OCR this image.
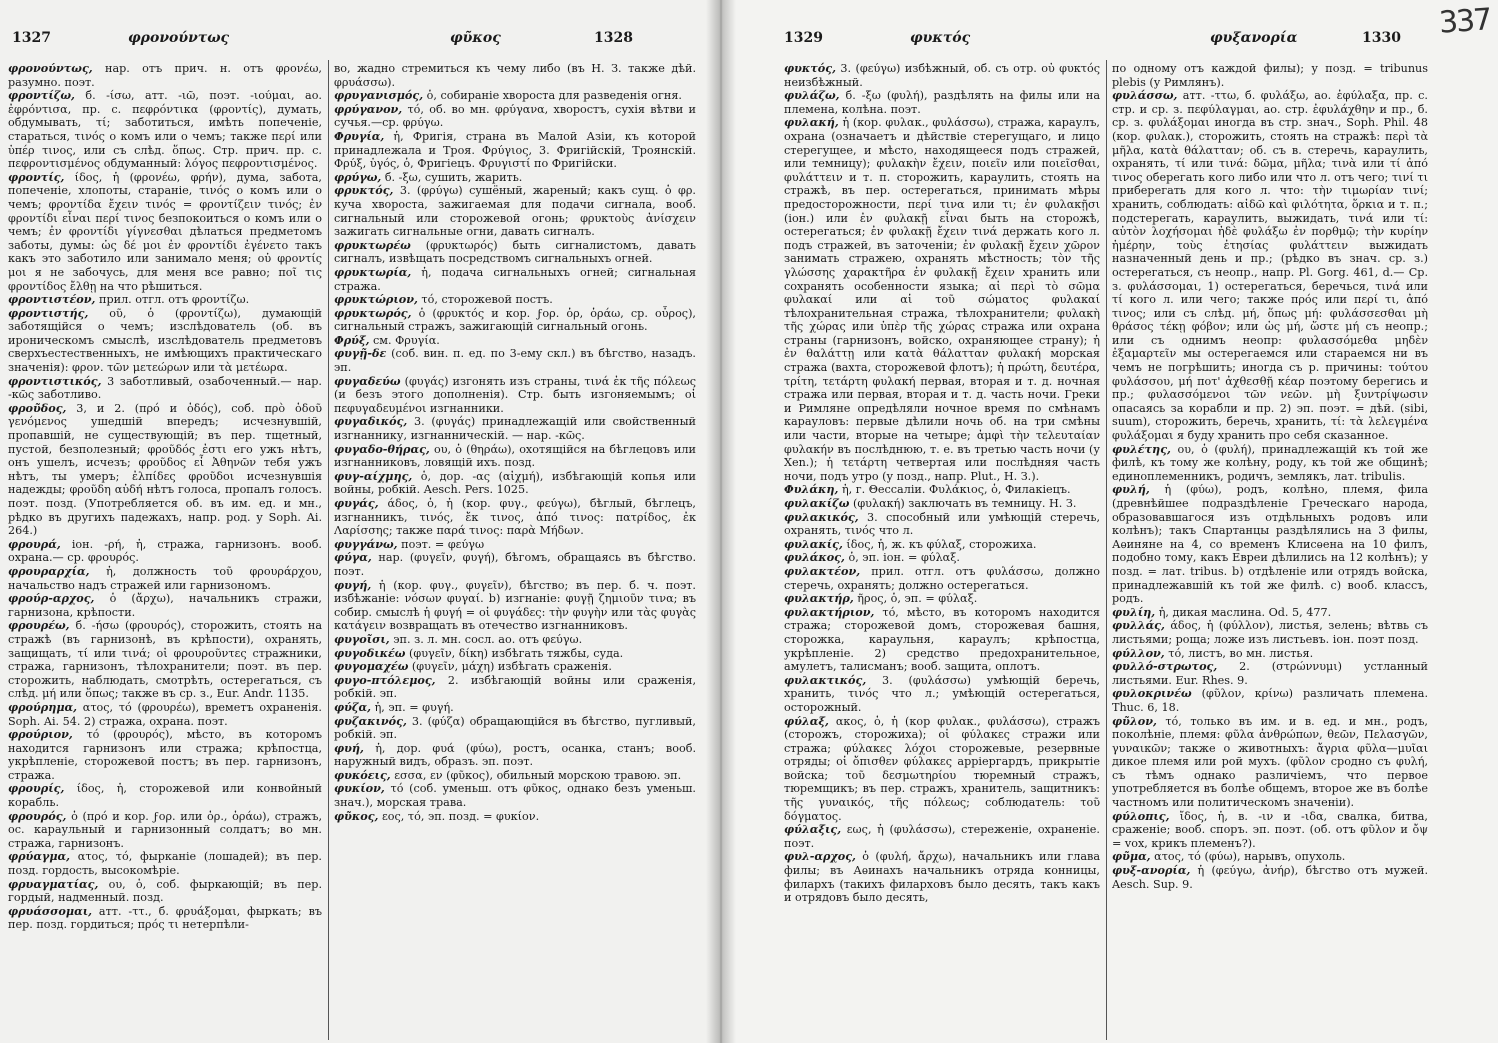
1327	φρονούντως	φῦκος	1328

φρονούντως, нар. отъ прич. н. отъ φρονέω, разумно. поэт.

φροντίζω, б. -ίσω, атт. -ιῶ, поэт. -ιούμαι, ао. ἐφρόντισα, пр. с. πεφρόντικα (φροντίς), думать, обдумывать, τί; заботиться, имѣть попеченіе, стараться, τινός о комъ или о чемъ; также περί или ὑπέρ τινος, или съ слѣд. ὅπως. Стр. прич. пр. с. πεφροντισμένος обдуманный: λόγος πεφροντισμένος.

φροντίς, ίδος, ἡ (φρονέω, φρήν), дума, забота, попеченіе, хлопоты, стараніе, τινός о комъ или о чемъ; φροντίδα ἔχειν τινός = φροντίζειν τινός; ἐν φροντίδι εἶναι περί τινος безпокоиться о комъ или о чемъ; ἐν φροντίδι γίγνεσθαι дѣлаться предметомъ заботы, думы: ὡς δέ μοι ἐν φροντίδι ἐγένετο такъ какъ это заботило или занимало меня; οὐ φροντίς μοι я не забочусь, для меня все равно; ποῖ τις φροντίδος ἔλθῃ на что рѣшиться.

φροντιστέον, прил. отгл. отъ φροντίζω.

φροντιστής, οῦ, ὁ (φροντίζω), думающій заботящійся о чемъ; изслѣдователь (об. въ ироническомъ смыслѣ, изслѣдователь предметовъ сверхъестественныхъ, не имѣющихъ практическаго значенія): φρον. τῶν μετεώρων или τὰ μετέωρα.

φροντιστικός, 3 заботливый, озабоченный.— нар. -κῶς заботливо.

φροῦδος, 3, и 2. (πρό и ὁδός), соб. πρὸ ὁδοῦ γενόμενος ушедшій впередъ; исчезнувшій, пропавшій, не существующій; въ пер. тщетный, пустой, безполезный; φροῦδός ἐστι его ужъ нѣтъ, онъ ушелъ, исчезъ; φροῦδος εἶ Ἀθηνῶν тебя ужъ нѣтъ, ты умеръ; ἐλπίδες φροῦδοι исчезнувшія надежды; φροῦδη αὐδή нѣтъ голоса, пропалъ голосъ. поэт. позд. (Употребляется об. въ им. ед. и мн., рѣдко въ другихъ падежахъ, напр. род. у Soph. Ai. 264.)

φρουρά, іон. -ρή, ἡ, стража, гарнизонъ. вооб. охрана.— ср. φρουρός.

φρουραρχία, ἡ, должность τοῦ φρουράρχου, начальство надъ стражей или гарнизономъ.

φρούρ-αρχος, ὁ (ἄρχω), начальникъ стражи, гарнизона, крѣпости.

φρουρέω, б. -ήσω (φρουρός), сторожить, стоять на стражѣ (въ гарнизонѣ, въ крѣпости), охранять, защищать, τί или τινά; οἱ φρουροῦντες стражники, стража, гарнизонъ, тѣлохранители; поэт. въ пер. сторожить, наблюдать, смотрѣть, остерегаться, съ слѣд. μή или ὅπως; также въ ср. з., Eur. Andr. 1135.

φρούρημα, ατος, τό (φρουρέω), времетъ охраненія. Soph. Ai. 54. 2) стража, охрана. поэт.

φρούριον, τό (φρουρός), мѣсто, въ которомъ находится гарнизонъ или стража; крѣпостца, укрѣпленіе, сторожевой постъ; въ пер. гарнизонъ, стража.

φρουρίς, ίδος, ἡ, сторожевой или конвойный корабль.

φρουρός, ὁ (πρό и кор. ϝορ. или ὁρ., ὁράω), стражъ, ос. караульный и гарнизонный солдатъ; во мн. стража, гарнизонъ.

φρύαγμα, ατος, τό, фырканіе (лошадей); въ пер. позд. гордость, высокомѣріе.

φρυαγματίας, ου, ὁ, соб. фыркающій; въ пер. гордый, надменный. позд.

φρυάσσομαι, атт. -ττ., б. φρυάξομαι, фыркать; въ пер. позд. гордиться; πρός τι нетерпѣли-

во, жадно стремиться къ чему либо (въ Н. З. также дѣй. φρυάσσω).

φρυγανισμός, ὁ, собираніе хвороста для разведенія огня.

φρύγανον, τό, об. во мн. φρύγανα, хворостъ, сухія вѣтви и сучья.—ср. φρύγω.

Φρυγία, ἡ, Фригія, страна въ Малой Азіи, къ которой принадлежала и Троя. Φρύγιος, 3. Фригійскій, Троянскій. Φρύξ, ὑγός, ὁ, Фригіецъ. Φρυγιστί по Фригійски.

φρύγω, б. -ξω, сушить, жарить.

φρυκτός, 3. (φρύγω) сушёный, жареный; какъ сущ. ὁ φρ. куча хвороста, зажигаемая для подачи сигнала, вооб. сигнальный или сторожевой огонь; φρυκτοὺς ἀνίσχειν зажигать сигнальные огни, давать сигналъ.

φρυκτωρέω (φρυκτωρός) быть сигналистомъ, давать сигналъ, извѣщать посредствомъ сигнальныхъ огней.

φρυκτωρία, ἡ, подача сигнальныхъ огней; сигнальная стража.

φρυκτώριον, τό, сторожевой постъ.

φρυκτωρός, ὁ (φρυκτός и кор. ϝορ. ὁρ, ὁράω, ср. οὖρος), сигнальный стражъ, зажигающій сигнальный огонь.

Φρύξ, см. Φρυγία.

φυγῇ-δε (соб. вин. п. ед. по 3-ему скл.) въ бѣгство, назадъ. эп.

φυγαδεύω (φυγάς) изгонять изъ страны, τινά ἐκ τῆς πόλεως (и безъ этого дополненія). Стр. быть изгоняемымъ; οἱ πεφυγαδευμένοι изгнанники.

φυγαδικός, 3. (φυγάς) принадлежащій или свойственный изгнаннику, изгнанническій. — нар. -κῶς.

φυγαδο-θήρας, ου, ὁ (θηράω), охотящійся на бѣглецовъ или изгнанниковъ, ловящій ихъ. позд.

φυγ-αίχμης, ὁ, дор. -ας (αἰχμή), избѣгающій копья или войны, робкій. Aesch. Pers. 1025.

φυγάς, άδος, ὁ, ἡ (кор. φυγ., φεύγω), бѣглый, бѣглецъ, изгнанникъ, τινός, ἔκ τινος, ἀπό τινος: πατρίδος, ἐκ Λαρίσσης; также παρά τινος: παρὰ Μήδων.

φυγγάνω, поэт. = φεύγω

φύγα, нар. (φυγεῖν, φυγή), бѣгомъ, обращаясь въ бѣгство. поэт.

φυγή, ἡ (кор. φυγ., φυγεῖν), бѣгство; въ пер. б. ч. поэт. избѣжаніе: νόσων φυγαί. b) изгнаніе: φυγῇ ζημιοῦν τινα; въ собир. смыслѣ ἡ φυγή = οἱ φυγάδες: τὴν φυγὴν или τὰς φυγὰς κατάγειν возвращать въ отечество изгнанниковъ.

φυγοῖσι, эп. з. л. мн. сосл. ао. отъ φεύγω.

φυγοδικέω (φυγεῖν, δίκη) избѣгать тяжбы, суда.

φυγομαχέω (φυγεῖν, μάχη) избѣгать сраженія.

φυγο-πτόλεμος, 2. избѣгающій войны или сраженія, робкій. эп.

φύζα, ἡ, эп. = φυγή.

φυζακινός, 3. (φύζα) обращающійся въ бѣгство, пугливый, робкій. эп.

φυή, ἡ, дор. φυά (φύω), ростъ, осанка, станъ; вооб. наружный видъ, образъ. эп. поэт.

φυκόεις, εσσα, εν (φῦκος), обильный морскою травою. эп.

φυκίον, τό (соб. уменьш. отъ φῦκος, однако безъ уменьш. знач.), морская трава.

φῦκος, εος, τό, эп. позд. = φυκίον.

1329	φυκτός	φυξανορία	1330 337

φυκτός, 3. (φεύγω) избѣжный, об. съ отр. οὐ φυκτός неизбѣжный.

φυλάζω, б. -ξω (φυλή), раздѣлять на филы или на племена, колѣна. поэт.

φυλακή, ἡ (кор. φυλακ., φυλάσσω), стража, караулъ, охрана (означаетъ и дѣйствіе стерегущаго, и лицо стерегущее, и мѣсто, находящееся подъ стражей, или темницу); φυλακὴν ἔχειν, ποιεῖν или ποιεῖσθαι, φυλάττειν и т. п. сторожить, караулить, стоять на стражѣ, въ пер. остерегаться, принимать мѣры предосторожности, περί τινα или τι; ἐν φυλακῇσι (іон.) или ἐν φυλακῇ εἶναι быть на сторожѣ, остерегаться; ἐν φυλακῇ ἔχειν τινά держать кого л. подъ стражей, въ заточеніи; ἐν φυλακῇ ἔχειν χῶρον занимать стражею, охранять мѣстность; τὸν τῆς γλώσσης χαρακτῆρα ἐν φυλακῇ ἔχειν хранить или сохранять особенности языка; αἱ περὶ τὸ σῶμα φυλακαί или αἱ τοῦ σώματος φυλακαί тѣлохранительная стража, тѣлохранители; φυλακὴ τῆς χώρας или ὑπὲρ τῆς χώρας стража или охрана страны (гарнизонъ, войско, охраняющее страну); ἡ ἐν θαλάττῃ или κατὰ θάλατταν φυλακή морская стража (вахта, сторожевой флотъ); ἡ πρώτη, δευτέρα, τρίτη, τετάρτη φυλακή первая, вторая и т. д. ночная стража или первая, вторая и т. д. часть ночи. Греки и Римляне опредѣляли ночное время по смѣнамъ карауловъ: первые дѣлили ночь об. на три смѣны или части, вторые на четыре; ἀμφὶ τὴν τελευταίαν φυλακήν въ послѣднюю, т. е. въ третью часть ночи (у Xen.); ἡ τετάρτη четвертая или послѣдняя часть ночи, подъ утро (у позд., напр. Plut., Н. З.).

Φυλάκη, ἡ, г. Θессаліи. Φυλάκιος, ὁ, Филакіецъ.

φυλακίζω (φυλακή) заключать въ темницу. Н. З.

φυλακικός, 3. способный или умѣющій стеречь, охранять, τινός что л.

φυλακίς, ίδος, ἡ, ж. къ φύλαξ, сторожиха.

φυλάκος, ὁ, эп. іон. = φύλαξ.

φυλακτέον, прил. отгл. отъ φυλάσσω, должно стеречь, охранять; должно остерегаться.

φυλακτήρ, ῆρος, ὁ, эп. = φύλαξ.

φυλακτήριον, τό, мѣсто, въ которомъ находится стража; сторожевой домъ, сторожевая башня, сторожка, караульня, караулъ; крѣпостца, укрѣпленіе. 2) средство предохранительное, амулетъ, талисманъ; вооб. защита, оплотъ.

φυλακτικός, 3. (φυλάσσω) умѣющій беречь, хранить, τινός что л.; умѣющій остерегаться, осторожный.

φύλαξ, ακος, ὁ, ἡ (кор φυλακ., φυλάσσω), стражъ (сторожъ, сторожиха); οἱ φύλακες стражи или стража; φύλακες λόχοι сторожевые, резервные отряды; οἱ ὄπισθεν φύλακες аррiергардъ, прикрытіе войска; τοῦ δεσμωτηρίου тюремный стражъ, тюремщикъ; въ пер. стражъ, хранитель, защитникъ: τῆς γυναικός, τῆς πόλεως; соблюдатель: τοῦ δόγματος.

φύλαξις, εως, ἡ (φυλάσσω), стереженіе, охраненіе. поэт.

φυλ-αρχος, ὁ (φυλή, ἄρχω), начальникъ или глава филы; въ Аѳинахъ начальникъ отряда конницы, филархъ (такихъ филарховъ было десять, такъ какъ и отрядовъ было десять,

по одному отъ каждой филы); у позд. = tribunus plebis (у Римлянъ).

φυλάσσω, атт. -ττω, б. φυλάξω, ао. ἐφύλαξα, пр. с. стр. и ср. з. πεφύλαγμαι, ао. стр. ἐφυλάχθην и пр., б. ср. з. φυλάξομαι иногда въ стр. знач., Soph. Phil. 48 (кор. φυλακ.), сторожить, стоять на стражѣ: περὶ τὰ μῆλα, κατὰ θάλατταν; об. съ в. стеречь, караулить, охранять, τί или τινά: δῶμα, μῆλα; τινὰ или τί ἀπό τινος оберегать кого либо или что л. отъ чего; τινί τι приберегать для кого л. что: τὴν τιμωρίαν τινί; хранить, соблюдать: αἰδῶ καὶ φιλότητα, ὅρκια и т. п.; подстерегать, караулить, выжидать, τινά или τί: αὐτὸν λοχήσομαι ἠδὲ φυλάξω ἐν πορθμῷ; τὴν κυρίην ἡμέρην, τοὺς ἐτησίας φυλάττειν выжидать назначенный день и пр.; (рѣдко въ знач. ср. з.) остерегаться, съ неопр., напр. Pl. Gorg. 461, d.— Ср. з. φυλάσσομαι, 1) остерегаться, беречься, τινά или τί кого л. или чего; также πρός или περί τι, ἀπό τινος; или съ слѣд. μή, ὅπως μή: φυλάσσεσθαι μὴ θράσος τέκῃ φόβον; или ὡς μή, ὥστε μή съ неопр.; или съ однимъ неопр: φυλασσόμεθα μηδὲν ἐξαμαρτεῖν мы остерегаемся или стараемся ни въ чемъ не погрѣшить; иногда съ р. причины: τούτου φυλάσσου, μή ποτ' ἀχθεσθῇ κέαρ поэтому берегись и пр.; φυλασσόμενοι τῶν νεῶν. μὴ ξυντρίψωσιν опасаясь за корабли и пр. 2) эп. поэт. = дѣй. (sibi, suum), сторожить, беречь, хранить, τί: τὰ λελεγμένα φυλάξομαι я буду хранить про себя сказанное.

φυλέτης, ου, ὁ (φυλή), принадлежащій къ той же филѣ, къ тому же колѣну, роду, къ той же общинѣ; единоплеменникъ, родичъ, землякъ, лат. tribulis.

φυλή, ἡ (φύω), родъ, колѣно, племя, фила (древнѣйшее подраздѣленіе Греческаго народа, образовавшагося изъ отдѣльныхъ родовъ или колѣнъ); такъ Спартанцы раздѣлялись на 3 филы, Аѳиняне на 4, со временъ Клисѳена на 10 филъ, подобно тому, какъ Евреи дѣлились на 12 колѣнъ); у позд. = лат. tribus. b) отдѣленіе или отрядъ войска, принадлежавшій къ той же филѣ. c) вооб. классъ, родъ.

φυλίη, ἡ, дикая маслина. Od. 5, 477.

φυλλάς, άδος, ἡ (φύλλον), листья, зелень; вѣтвь съ листьями; роща; ложе изъ листьевъ. іон. поэт позд.

φύλλον, τό, листъ, во мн. листья.

φυλλό-στρωτος, 2. (στρώννυμι) устланный листьями. Eur. Rhes. 9.

φυλοκρινέω (φῦλον, κρίνω) различать племена. Thuc. 6, 18.

φῦλον, τό, только въ им. и в. ед. и мн., родъ, поколѣніе, племя: φῦλα ἀνθρώπων, θεῶν, Πελασγῶν, γυναικῶν; также о животныхъ: ἄγρια φῦλα—μυῖαι дикое племя или рой мухъ. (φῦλον сродно съ φυλή, съ тѣмъ однако различіемъ, что первое употребляется въ болѣе общемъ, второе же въ болѣе частномъ или политическомъ значеніи).

φύλοπις, ἴδος, ἡ, в. -ιν и -ιδα, свалка, битва, сраженіе; вооб. споръ. эп. поэт. (об. отъ φῦλον и ὄψ = vox, крикъ племенъ?).

φῦμα, ατος, τό (φύω), нарывъ, опухоль.

φυξ-ανορία, ἡ (φεύγω, ἀνήρ), бѣгство отъ мужей. Aesch. Sup. 9.
